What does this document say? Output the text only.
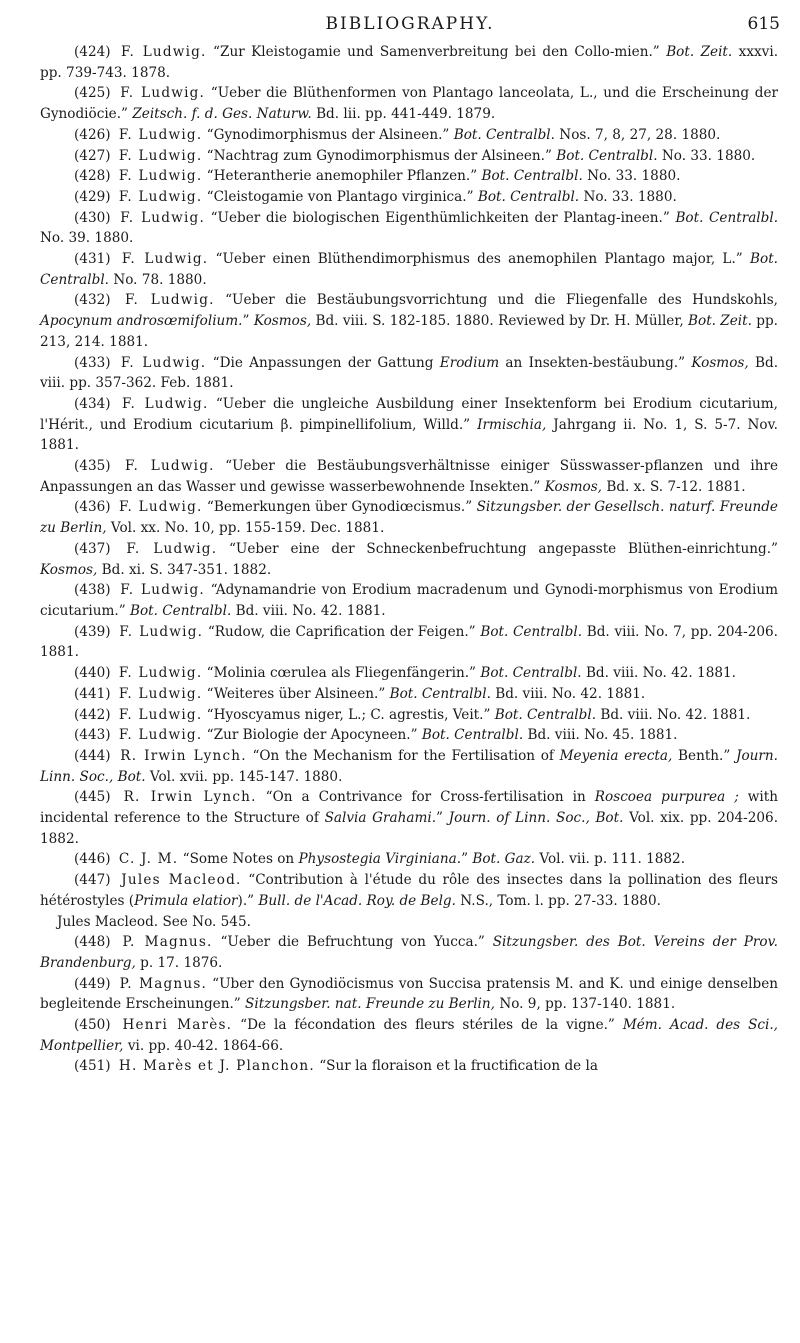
BIBLIOGRAPHY.	615

(424) F. Ludwig. “Zur Kleistogamie und Samenverbreitung bei den Collo-mien.” Bot. Zeit. xxxvi. pp. 739-743. 1878.

(425) F. Ludwig. “Ueber die Blüthenformen von Plantago lanceolata, L., und die Erscheinung der Gynodiöcie.” Zeitsch. f. d. Ges. Naturw. Bd. lii. pp. 441-449. 1879.

(426) F. Ludwig. “Gynodimorphismus der Alsineen.” Bot. Centralbl. Nos. 7, 8, 27, 28. 1880.

(427) F. Ludwig. “Nachtrag zum Gynodimorphismus der Alsineen.” Bot. Centralbl. No. 33. 1880.

(428) F. Ludwig. “Heterantherie anemophiler Pflanzen.” Bot. Centralbl. No. 33. 1880.

(429) F. Ludwig. “Cleistogamie von Plantago virginica.” Bot. Centralbl. No. 33. 1880.

(430) F. Ludwig. “Ueber die biologischen Eigenthümlichkeiten der Plantag-ineen.” Bot. Centralbl. No. 39. 1880.

(431) F. Ludwig. “Ueber einen Blüthendimorphismus des anemophilen Plantago major, L.” Bot. Centralbl. No. 78. 1880.

(432) F. Ludwig. “Ueber die Bestäubungsvorrichtung und die Fliegenfalle des Hundskohls, Apocynum androsœmifolium.” Kosmos, Bd. viii. S. 182-185. 1880. Reviewed by Dr. H. Müller, Bot. Zeit. pp. 213, 214. 1881.

(433) F. Ludwig. “Die Anpassungen der Gattung Erodium an Insekten-bestäubung.” Kosmos, Bd. viii. pp. 357-362. Feb. 1881.

(434) F. Ludwig. “Ueber die ungleiche Ausbildung einer Insektenform bei Erodium cicutarium, l'Hérit., und Erodium cicutarium β. pimpinellifolium, Willd.” Irmischia, Jahrgang ii. No. 1, S. 5-7. Nov. 1881.

(435) F. Ludwig. “Ueber die Bestäubungsverhältnisse einiger Süsswasser-pflanzen und ihre Anpassungen an das Wasser und gewisse wasserbewohnende Insekten.” Kosmos, Bd. x. S. 7-12. 1881.

(436) F. Ludwig. “Bemerkungen über Gynodiœcismus.” Sitzungsber. der Gesellsch. naturf. Freunde zu Berlin, Vol. xx. No. 10, pp. 155-159. Dec. 1881.

(437) F. Ludwig. “Ueber eine der Schneckenbefruchtung angepasste Blüthen-einrichtung.” Kosmos, Bd. xi. S. 347-351. 1882.

(438) F. Ludwig. “Adynamandrie von Erodium macradenum und Gynodi-morphismus von Erodium cicutarium.” Bot. Centralbl. Bd. viii. No. 42. 1881.

(439) F. Ludwig. “Rudow, die Caprification der Feigen.” Bot. Centralbl. Bd. viii. No. 7, pp. 204-206. 1881.

(440) F. Ludwig. “Molinia cœrulea als Fliegenfängerin.” Bot. Centralbl. Bd. viii. No. 42. 1881.

(441) F. Ludwig. “Weiteres über Alsineen.” Bot. Centralbl. Bd. viii. No. 42. 1881.

(442) F. Ludwig. “Hyoscyamus niger, L.; C. agrestis, Veit.” Bot. Centralbl. Bd. viii. No. 42. 1881.

(443) F. Ludwig. “Zur Biologie der Apocyneen.” Bot. Centralbl. Bd. viii. No. 45. 1881.

(444) R. Irwin Lynch. “On the Mechanism for the Fertilisation of Meyenia erecta, Benth.” Journ. Linn. Soc., Bot. Vol. xvii. pp. 145-147. 1880.

(445) R. Irwin Lynch. “On a Contrivance for Cross-fertilisation in Roscoea purpurea ; with incidental reference to the Structure of Salvia Grahami.” Journ. of Linn. Soc., Bot. Vol. xix. pp. 204-206. 1882.

(446) C. J. M. “Some Notes on Physostegia Virginiana.” Bot. Gaz. Vol. vii. p. 111. 1882.

(447) Jules Macleod. “Contribution à l'étude du rôle des insectes dans la pollination des fleurs hétérostyles (Primula elatior).” Bull. de l'Acad. Roy. de Belg. N.S., Tom. l. pp. 27-33. 1880.

Jules Macleod. See No. 545.

(448) P. Magnus. “Ueber die Befruchtung von Yucca.” Sitzungsber. des Bot. Vereins der Prov. Brandenburg, p. 17. 1876.

(449) P. Magnus. “Uber den Gynodiöcismus von Succisa pratensis M. and K. und einige denselben begleitende Erscheinungen.” Sitzungsber. nat. Freunde zu Berlin, No. 9, pp. 137-140. 1881.

(450) Henri Marès. “De la fécondation des fleurs stériles de la vigne.” Mém. Acad. des Sci., Montpellier, vi. pp. 40-42. 1864-66.

(451) H. Marès et J. Planchon. “Sur la floraison et la fructification de la
